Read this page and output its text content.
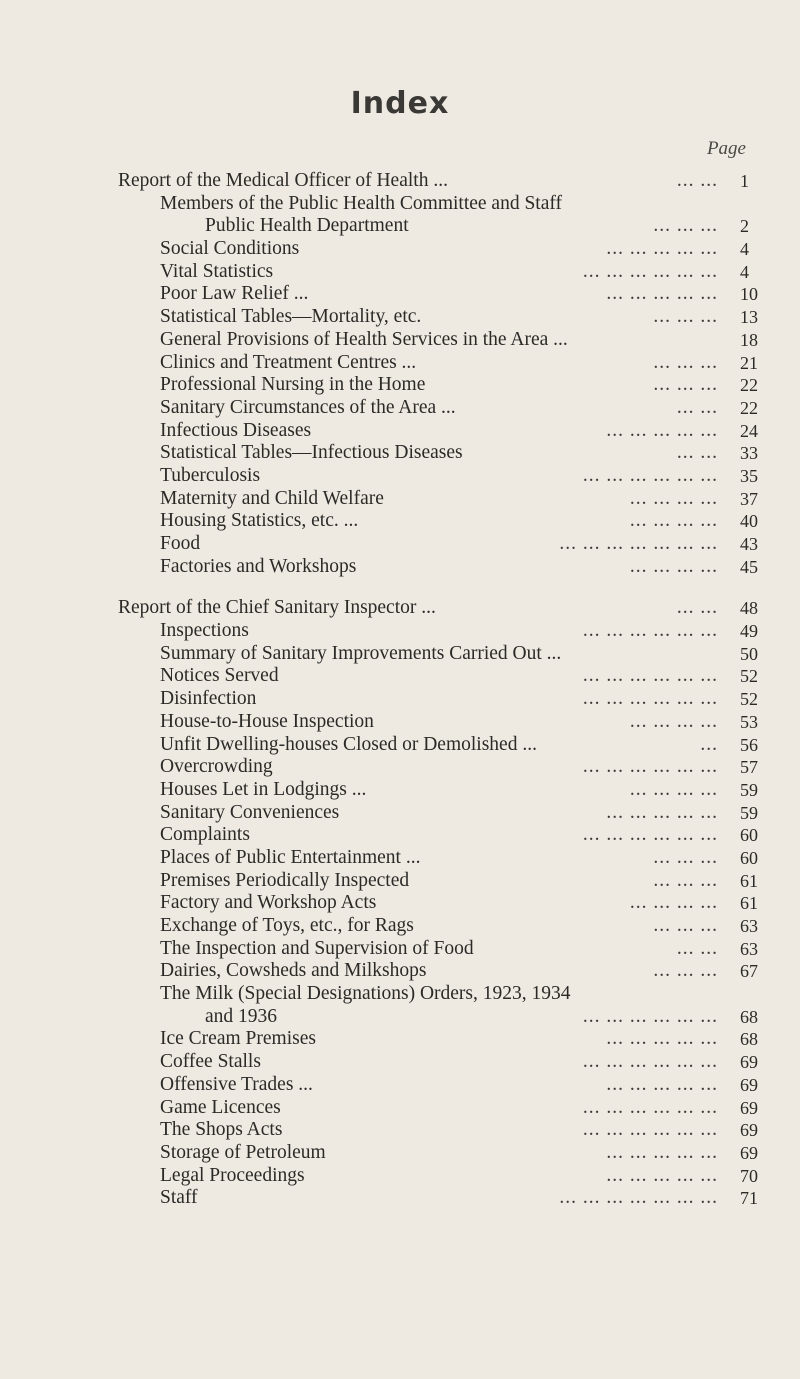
Index
Page
Report of the Medical Officer of Health ...	... ... 1
Members of the Public Health Committee and Staff
Public Health Department	... ... ... 2
Social Conditions	... ... ... ... ... 4
Vital Statistics	... ... ... ... ... ... 4
Poor Law Relief ...	... ... ... ... ... 10
Statistical Tables—Mortality, etc.	... ... ... 13
General Provisions of Health Services in the Area ...	18
Clinics and Treatment Centres ...	... ... ... 21
Professional Nursing in the Home	... ... ... 22
Sanitary Circumstances of the Area ...	... ... 22
Infectious Diseases	... ... ... ... ... 24
Statistical Tables—Infectious Diseases	... ... 33
Tuberculosis	... ... ... ... ... ... 35
Maternity and Child Welfare	... ... ... ... 37
Housing Statistics, etc. ...	... ... ... ... 40
Food	... ... ... ... ... ... ... 43
Factories and Workshops	... ... ... ... 45
Report of the Chief Sanitary Inspector ...	... ... 48
Inspections	... ... ... ... ... ... 49
Summary of Sanitary Improvements Carried Out ...	50
Notices Served	... ... ... ... ... ... 52
Disinfection	... ... ... ... ... ... 52
House-to-House Inspection	... ... ... ... 53
Unfit Dwelling-houses Closed or Demolished ...	... 56
Overcrowding	... ... ... ... ... ... 57
Houses Let in Lodgings ...	... ... ... ... 59
Sanitary Conveniences	... ... ... ... ... 59
Complaints	... ... ... ... ... ... 60
Places of Public Entertainment ...	... ... ... 60
Premises Periodically Inspected	... ... ... 61
Factory and Workshop Acts	... ... ... ... 61
Exchange of Toys, etc., for Rags	... ... ... 63
The Inspection and Supervision of Food	... ... 63
Dairies, Cowsheds and Milkshops	... ... ... 67
The Milk (Special Designations) Orders, 1923, 1934
and 1936	... ... ... ... ... ... 68
Ice Cream Premises	... ... ... ... ... 68
Coffee Stalls	... ... ... ... ... ... 69
Offensive Trades ...	... ... ... ... ... 69
Game Licences	... ... ... ... ... ... 69
The Shops Acts	... ... ... ... ... ... 69
Storage of Petroleum	... ... ... ... ... 69
Legal Proceedings	... ... ... ... ... 70
Staff	... ... ... ... ... ... ... 71
